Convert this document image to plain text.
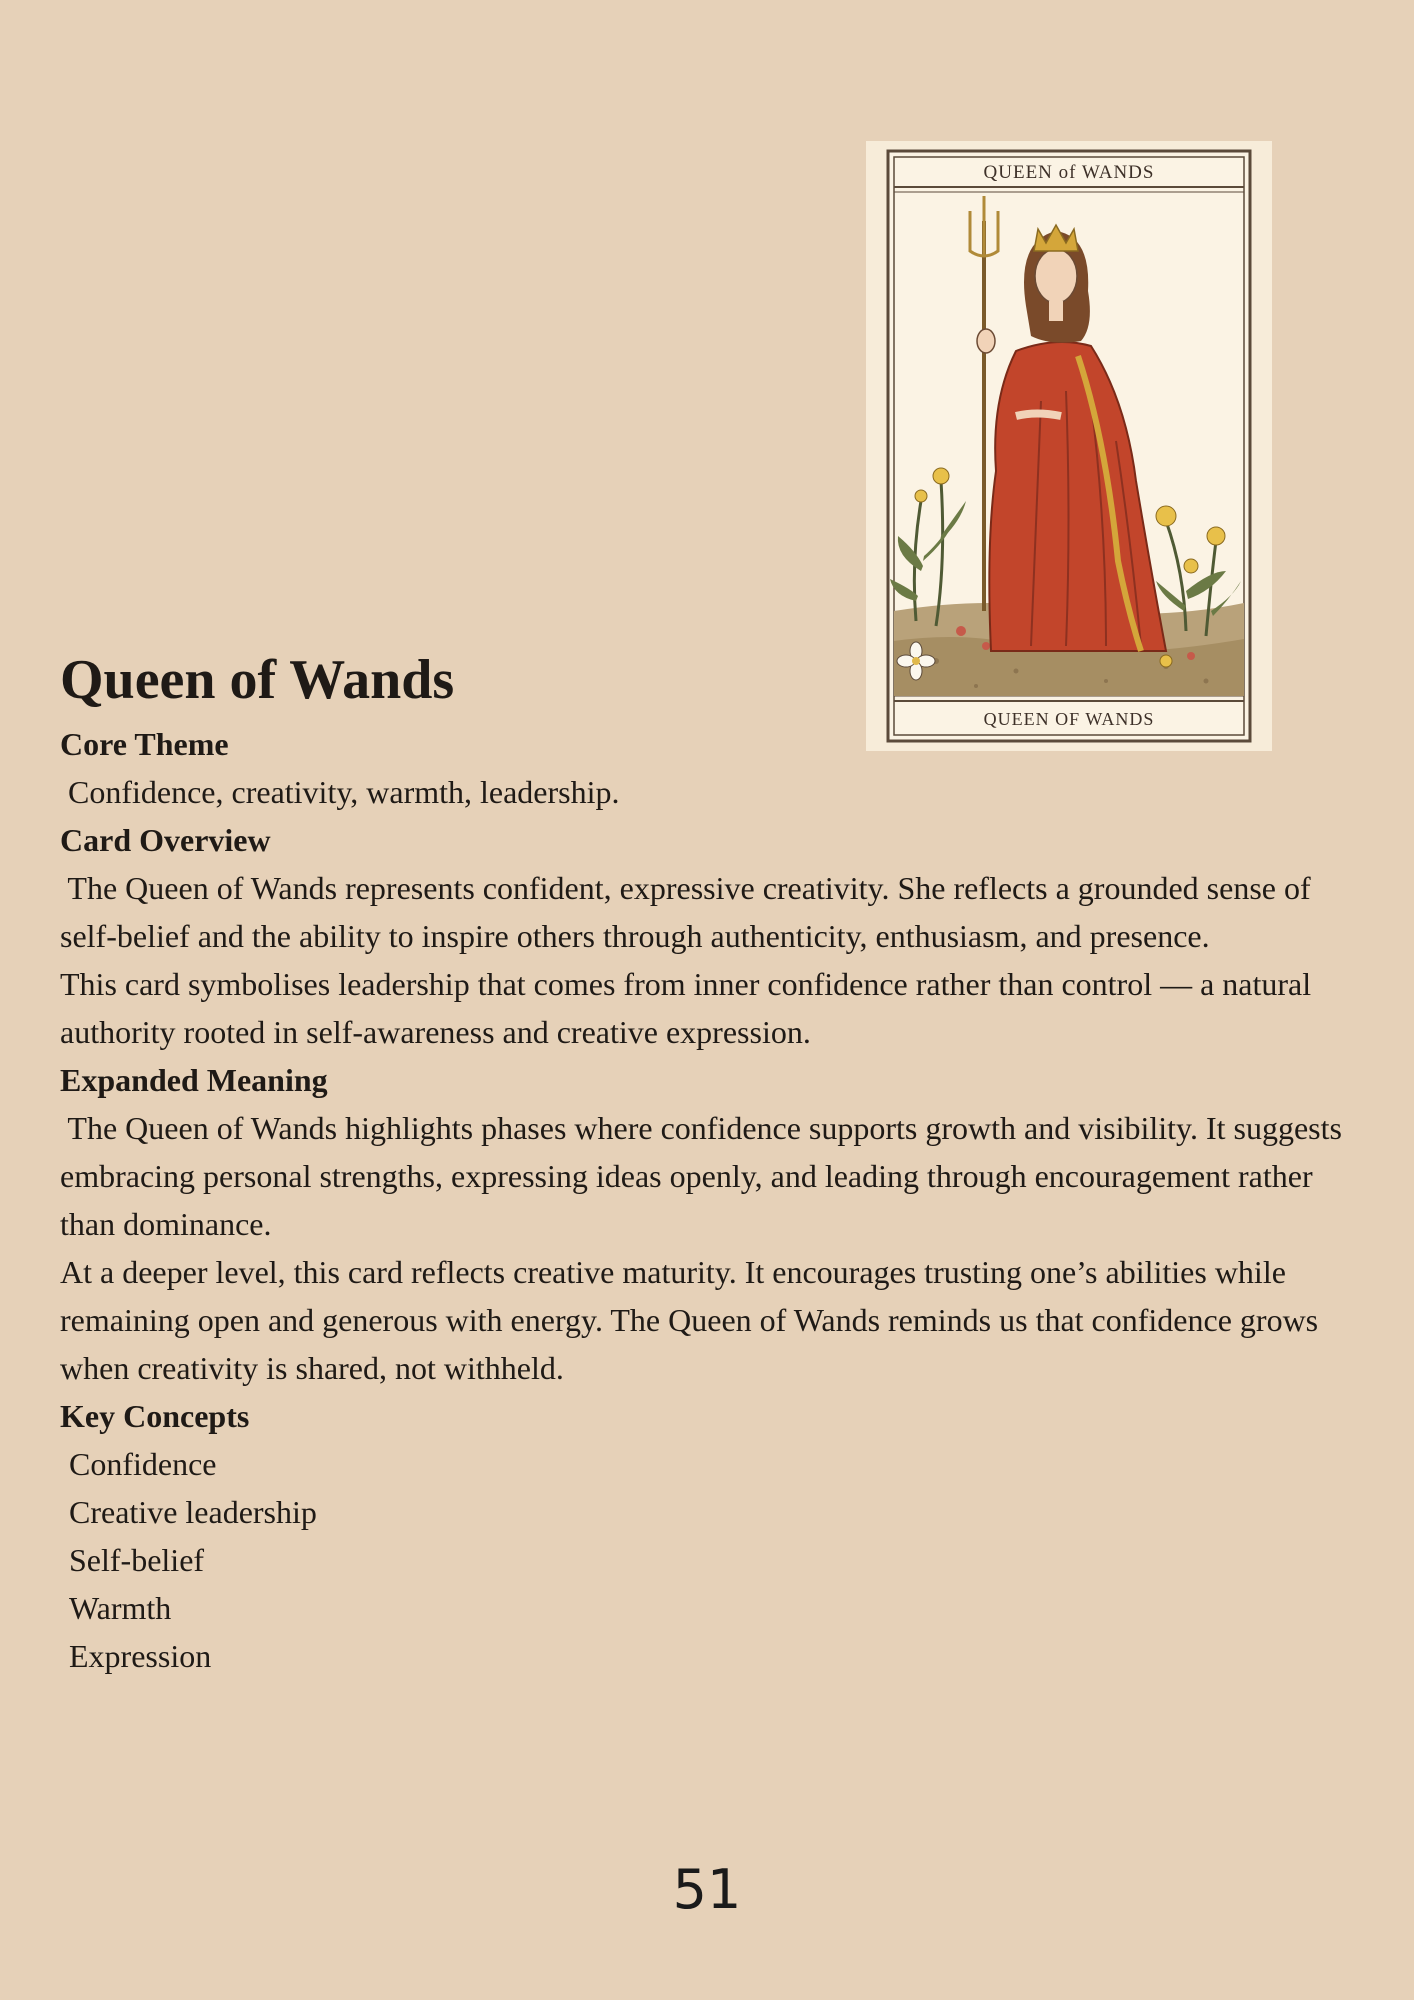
QUEEN of WANDS
QUEEN OF WANDS
Queen of Wands
Core Theme

Confidence, creativity, warmth, leadership.

Card Overview

The Queen of Wands represents confident, expressive creativity. She reflects a grounded sense of self-belief and the ability to inspire others through authenticity, enthusiasm, and presence.

This card symbolises leadership that comes from inner confidence rather than control — a natural authority rooted in self-awareness and creative expression.

Expanded Meaning

The Queen of Wands highlights phases where confidence supports growth and visibility. It suggests embracing personal strengths, expressing ideas openly, and leading through encouragement rather than dominance.

At a deeper level, this card reflects creative maturity. It encourages trusting one’s abilities while remaining open and generous with energy. The Queen of Wands reminds us that confidence grows when creativity is shared, not withheld.

Key Concepts
Confidence
Creative leadership
Self-belief
Warmth
Expression
51
